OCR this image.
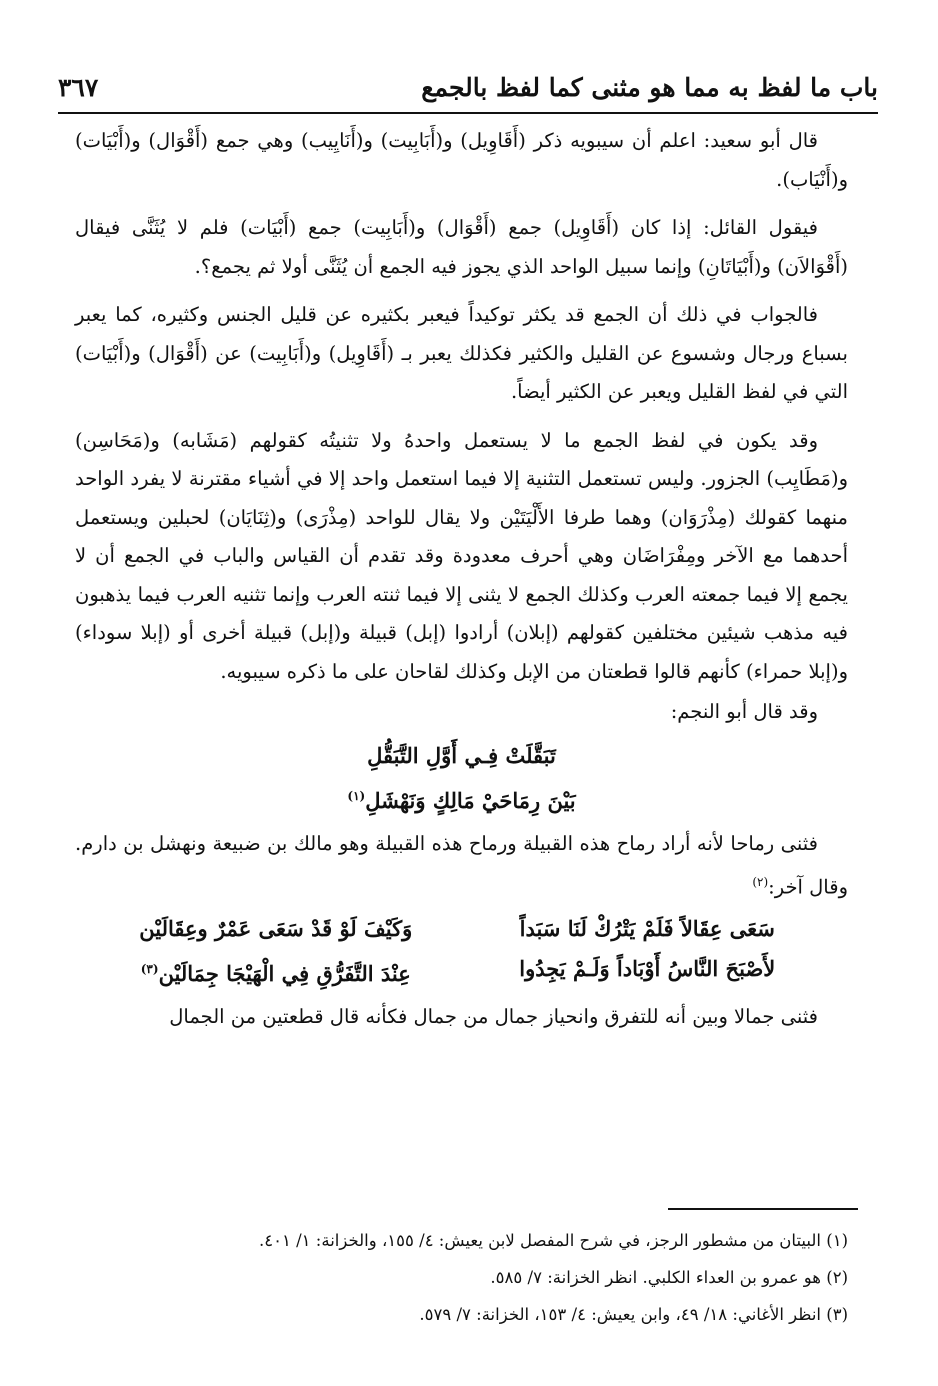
باب ما لفظ به مما هو مثنى كما لفظ بالجمع
٣٦٧

قال أبو سعيد: اعلم أن سيبويه ذكر (أَقَاوِيل) و(أَبَابِيت) و(أَنَايِيب) وهي جمع (أَقْوَال) و(أَبْيَات) و(أَنْيَاب).

فيقول القائل: إذا كان (أَقَاوِيل) جمع (أَقْوَال) و(أَبَابِيت) جمع (أَبْيَات) فلم لا يُثَنَّى فيقال (أَقْوَالاَن) و(أَبْيَاتَانِ) وإنما سبيل الواحد الذي يجوز فيه الجمع أن يُثَنَّى أولا ثم يجمع؟.

فالجواب في ذلك أن الجمع قد يكثر توكيداً فيعبر بكثيره عن قليل الجنس وكثيره، كما يعبر بسباع ورجال وشسوع عن القليل والكثير فكذلك يعبر بـ (أَقَاوِيل) و(أَبَابِيت) عن (أَقْوَال) و(أَبْيَات) التي في لفظ القليل ويعبر عن الكثير أيضاً.

وقد يكون في لفظ الجمع ما لا يستعمل واحدهُ ولا تثنيتُه كقولهم (مَشَابه) و(مَحَاسِن) و(مَطَايِب) الجزور. وليس تستعمل التثنية إلا فيما استعمل واحد إلا في أشياء مقترنة لا يفرد الواحد منهما كقولك (مِذْرَوَان) وهما طرفا الأَلْيَتَيْن ولا يقال للواحد (مِذْرَى) و(ثِنَايَان) لحبلين ويستعمل أحدهما مع الآخر ومِفْرَاضَان وهي أحرف معدودة وقد تقدم أن القياس والباب في الجمع أن لا يجمع إلا فيما جمعته العرب وكذلك الجمع لا يثنى إلا فيما ثنته العرب وإنما تثنيه العرب فيما يذهبون فيه مذهب شيئين مختلفين كقولهم (إبلان) أرادوا (إبل) قبيلة و(إبل) قبيلة أخرى أو (إبلا سوداء) و(إبلا حمراء) كأنهم قالوا قطعتان من الإبل وكذلك لقاحان على ما ذكره سيبويه.

وقد قال أبو النجم:

تَبَقَّلَتْ فِـي أَوَّلِ التَّبَقُّلِ
بَيْنَ رِمَاحَيْ مَالِكٍ وَنَهْشَلِ$^{(١)}$

فثنى رماحا لأنه أراد رماح هذه القبيلة ورماح هذه القبيلة وهو مالك بن ضبيعة ونهشل بن دارم. وقال آخر:$^{(٢)}$

سَعَى عِقَالاً فَلَمْ يَتْرُكْ لَنَا سَبَداً
وَكَيْفَ لَوْ قَدْ سَعَى عَمْرٌ وعِقَالَيْن
لأَصْبَحَ النَّاسُ أَوْبَاداً وَلَـمْ يَجِدُوا
عِنْدَ التَّفَرُّقِ فِي الْهَيْجَا جِمَالَيْن$^{(٣)}$

فثنى جمالا وبين أنه للتفرق وانحياز جمال من جمال فكأنه قال قطعتين من الجمال

(١) البيتان من مشطور الرجز، في شرح المفصل لابن يعيش: ٤/ ١٥٥، والخزانة: ١/ ٤٠١.
(٢) هو عمرو بن العداء الكلبي. انظر الخزانة: ٧/ ٥٨٥.
(٣) انظر الأغاني: ١٨/ ٤٩، وابن يعيش: ٤/ ١٥٣، الخزانة: ٧/ ٥٧٩.
